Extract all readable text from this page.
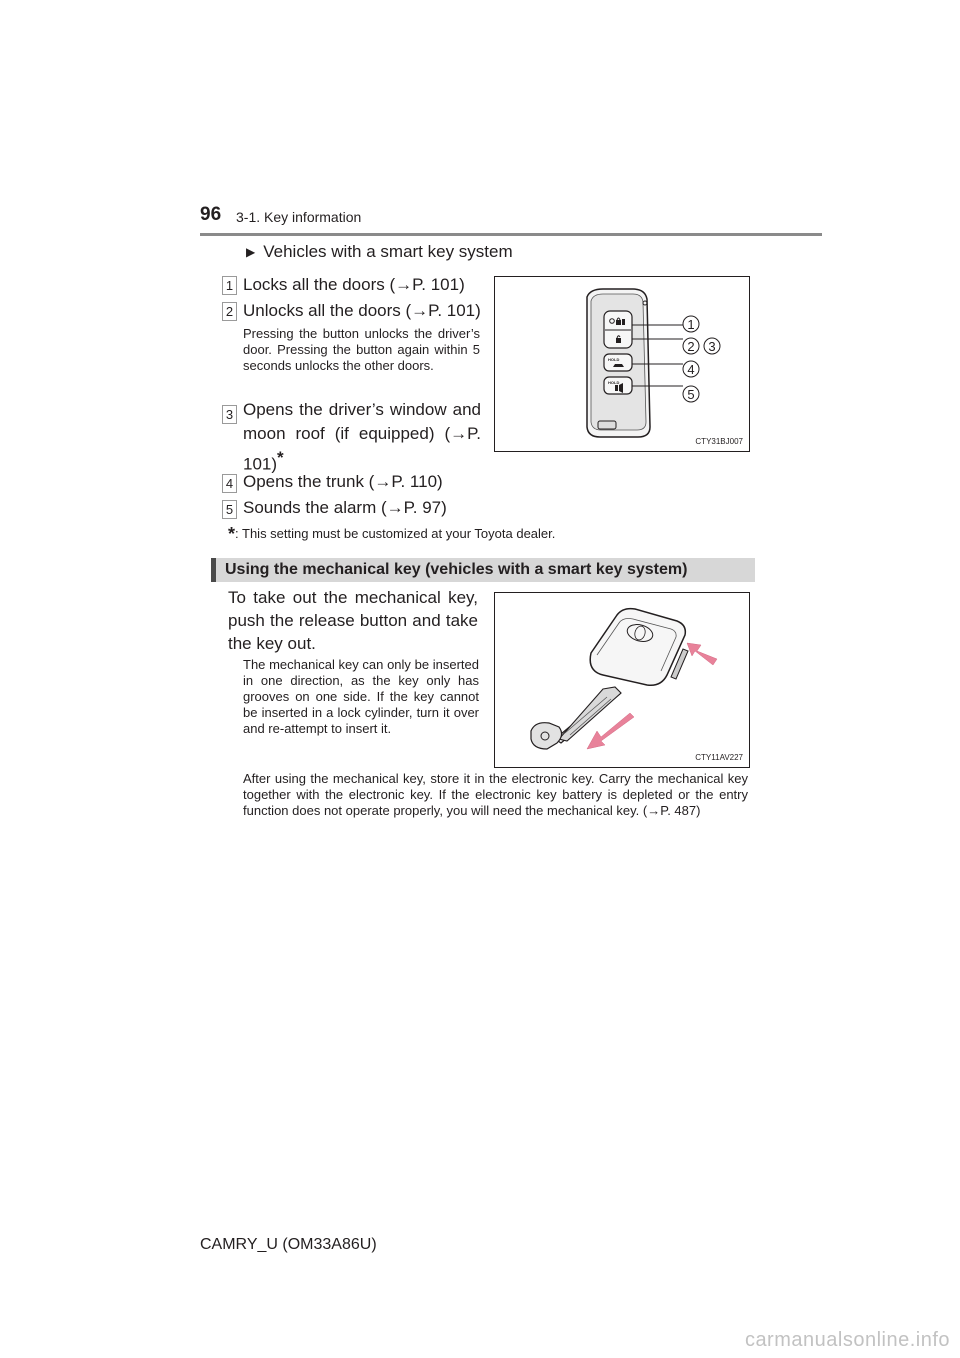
96 3-1. Key information
▶ Vehicles with a smart key system
1 Locks all the doors (→P. 101)
2 Unlocks all the doors (→P. 101)
Pressing the button unlocks the driver’s door. Pressing the button again within 5 seconds unlocks the other doors.
3 Opens the driver’s window and moon roof (if equipped) (→P. 101)*
4 Opens the trunk (→P. 110)
5 Sounds the alarm (→P. 97)
HOLD
HOLD
1
2 3
4
5
CTY31BJ007
*: This setting must be customized at your Toyota dealer.
Using the mechanical key (vehicles with a smart key system)
To take out the mechanical key, push the release button and take the key out.
The mechanical key can only be inserted in one direction, as the key only has grooves on one side. If the key cannot be inserted in a lock cylinder, turn it over and re-attempt to insert it.
CTY11AV227
After using the mechanical key, store it in the electronic key. Carry the mechanical key together with the electronic key. If the electronic key battery is depleted or the entry function does not operate properly, you will need the mechanical key. (→P. 487)
CAMRY_U (OM33A86U)
carmanualsonline.info
